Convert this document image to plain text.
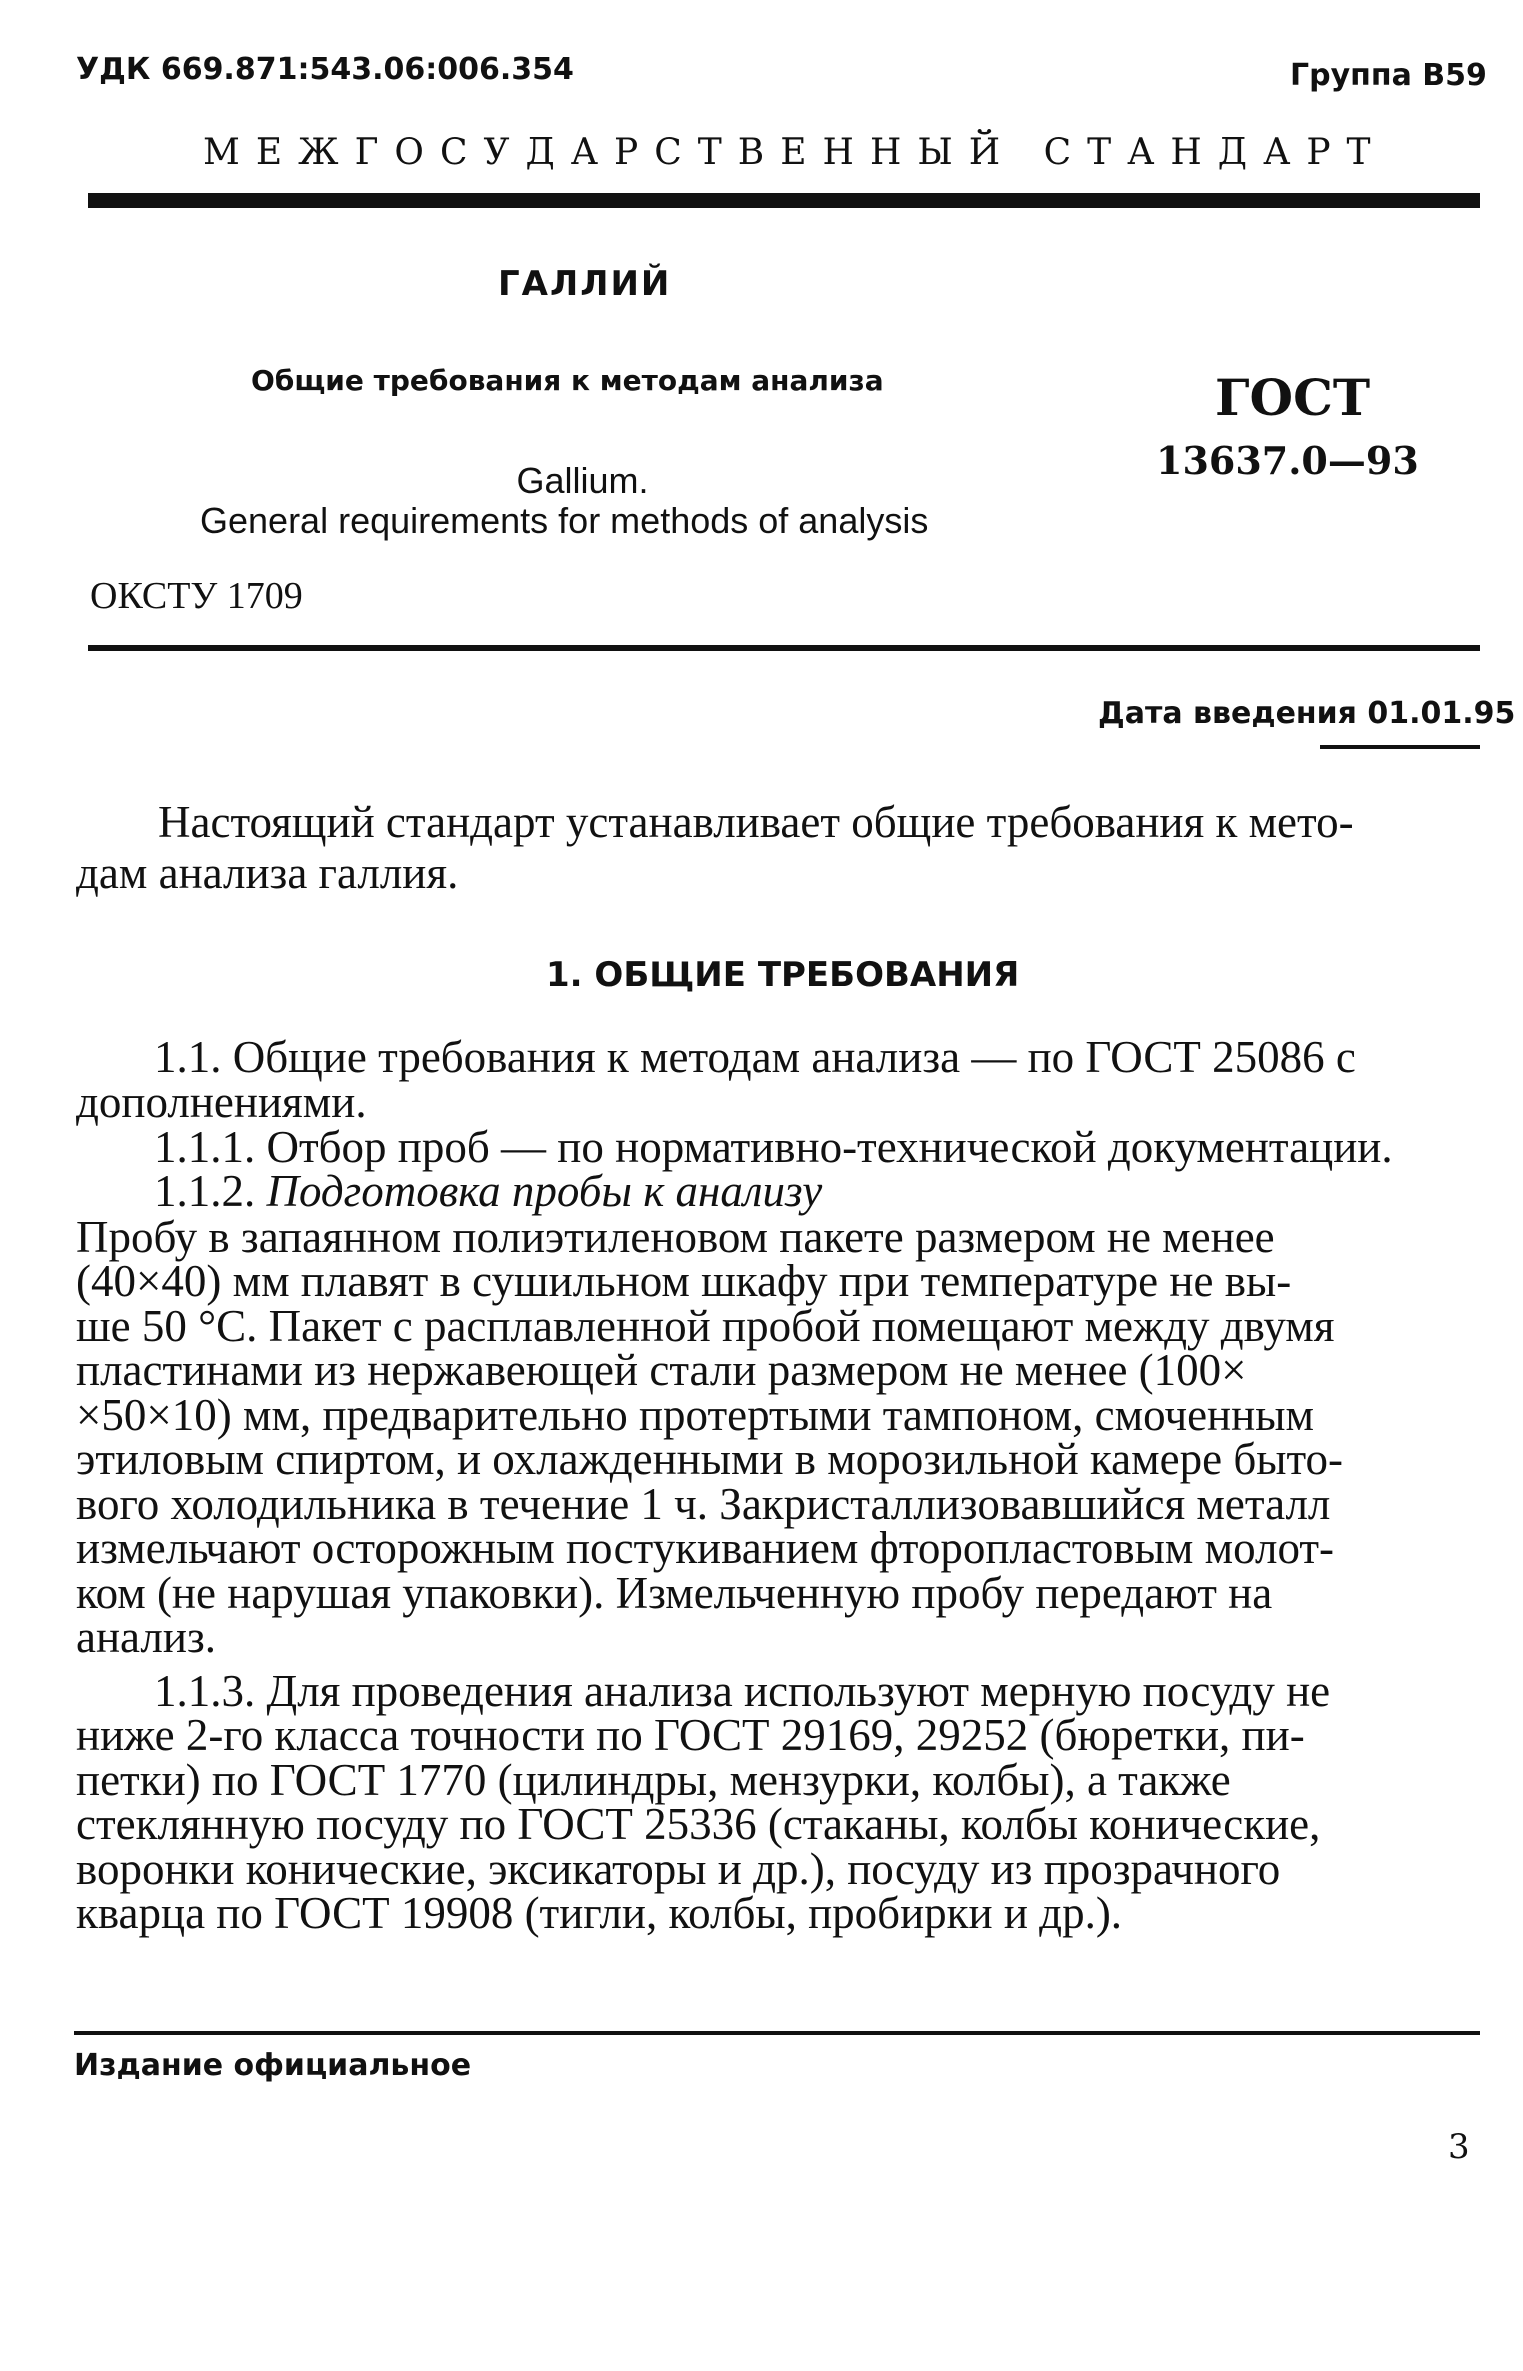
УДК 669.871:543.06:006.354	Группа В59

МЕЖГОСУДАРСТВЕННЫЙ СТАНДАРТ

ГАЛЛИЙ

Общие требования к методам анализа

Gallium.

General requirements for methods of analysis

ГОСТ

13637.0—93

ОКСТУ 1709

Дата введения 01.01.95

Настоящий стандарт устанавливает общие требования к мето-

дам анализа галлия.

1. ОБЩИЕ ТРЕБОВАНИЯ

1.1. Общие требования к методам анализа — по ГОСТ 25086 с

дополнениями.

1.1.1. Отбор проб — по нормативно-технической документации.

1.1.2. Подготовка пробы к анализу

Пробу в запаянном полиэтиленовом пакете размером не менее

(40×40) мм плавят в сушильном шкафу при температуре не вы-

ше 50 °С. Пакет с расплавленной пробой помещают между двумя

пластинами из нержавеющей стали размером не менее (100×

×50×10) мм, предварительно протертыми тампоном, смоченным

этиловым спиртом, и охлажденными в морозильной камере быто-

вого холодильника в течение 1 ч. Закристаллизовавшийся металл

измельчают осторожным постукиванием фторопластовым молот-

ком (не нарушая упаковки). Измельченную пробу передают на

анализ.

1.1.3. Для проведения анализа используют мерную посуду не

ниже 2-го класса точности по ГОСТ 29169, 29252 (бюретки, пи-

петки) по ГОСТ 1770 (цилиндры, мензурки, колбы), а также

стеклянную посуду по ГОСТ 25336 (стаканы, колбы конические,

воронки конические, эксикаторы и др.), посуду из прозрачного

кварца по ГОСТ 19908 (тигли, колбы, пробирки и др.).

Издание официальное

3
